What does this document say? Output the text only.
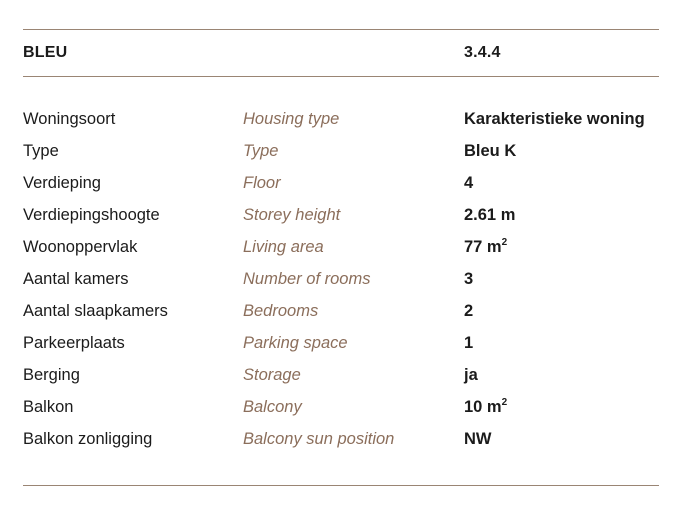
BLEU	3.4.4
Woningsoort	Housing type	Karakteristieke woning
Type	Type	Bleu K
Verdieping	Floor	4
Verdiepingshoogte	Storey height	2.61 m
Woonoppervlak	Living area	77 $m^2$
Aantal kamers	Number of rooms	3
Aantal slaapkamers	Bedrooms	2
Parkeerplaats	Parking space	1
Berging	Storage	ja
Balkon	Balcony	10 $m^2$
Balkon zonligging	Balcony sun position	NW
